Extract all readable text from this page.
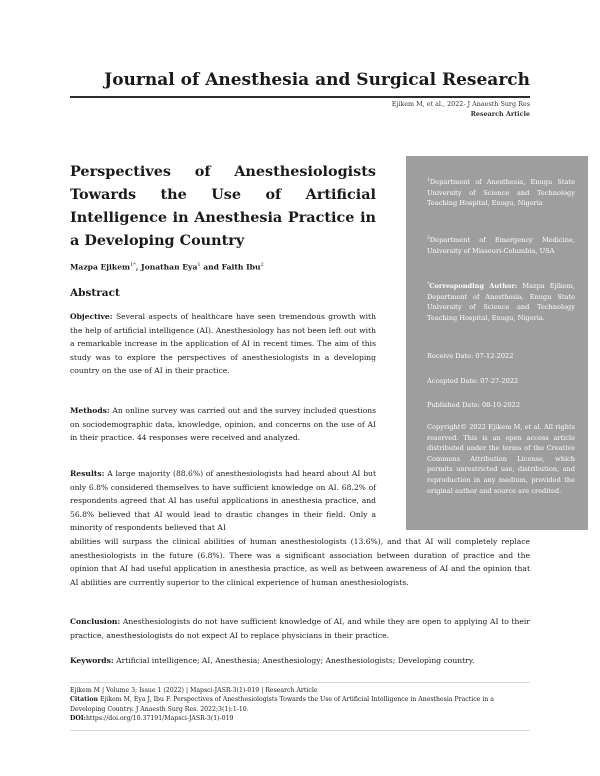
Journal of Anesthesia and Surgical Research
Ejikem M, et al., 2022- J Anaesth Surg Res
Research Article
Perspectives of Anesthesiologists Towards the Use of Artificial Intelligence in Anesthesia Practice in a Developing Country
Mazpa Ejikem$^{1*}$, Jonathan Eya$^1$ and Faith Ibu$^2$
Abstract

Objective: Several aspects of healthcare have seen tremendous growth with the help of artificial intelligence (AI). Anesthesiology has not been left out with a remarkable increase in the application of AI in recent times. The aim of this study was to explore the perspectives of anesthesiologists in a developing country on the use of AI in their practice.

Methods: An online survey was carried out and the survey included questions on sociodemographic data, knowledge, opinion, and concerns on the use of AI in their practice. 44 responses were received and analyzed.

Results: A large majority (88.6%) of anesthesiologists had heard about AI but only 6.8% considered themselves to have sufficient knowledge on AI. 68.2% of respondents agreed that AI has useful applications in anesthesia practice, and 56.8% believed that AI would lead to drastic changes in their field. Only a minority of respondents believed that AI

abilities will surpass the clinical abilities of human anesthesiologists (13.6%), and that AI will completely replace anesthesiologists in the future (6.8%). There was a significant association between duration of practice and the opinion that AI had useful application in anesthesia practice, as well as between awareness of AI and the opinion that AI abilities are currently superior to the clinical experience of human anesthesiologists.

Conclusion: Anesthesiologists do not have sufficient knowledge of AI, and while they are open to applying AI to their practice, anesthesiologists do not expect AI to replace physicians in their practice.

Keywords: Artificial intelligence; AI, Anesthesia; Anesthesiology; Anesthesiologists; Developing country.

$^1$Department of Anesthesia, Enugu State University of Science and Technology Teaching Hospital, Enugu, Nigeria

$^2$Department of Emergency Medicine, University of Missouri-Columbia, USA

*Corresponding Author: Mazpa Ejikem, Department of Anesthesia, Enugu State University of Science and Technology Teaching Hospital, Enugu, Nigeria.

Receive Date: 07-12-2022

Accepted Date: 07-27-2022

Published Date: 08-10-2022

Copyright© 2022 Ejikem M, et al. All rights reserved. This is an open access article distributed under the terms of the Creative Commons Attribution License, which permits unrestricted use, distribution, and reproduction in any medium, provided the original author and source are credited.

Ejikem M | Volume 3; Issue 1 (2022) | Mapsci-JASR-3(1)-019 | Research Article
Citation Ejikem M, Eya J, Ibu F. Perspectives of Anesthesiologists Towards the Use of Artificial Intelligence in Anesthesia Practice in a Developing Country. J Anaesth Surg Res. 2022;3(1):1-10.
DOI:https://doi.org/10.37191/Mapsci-JASR-3(1)-019
